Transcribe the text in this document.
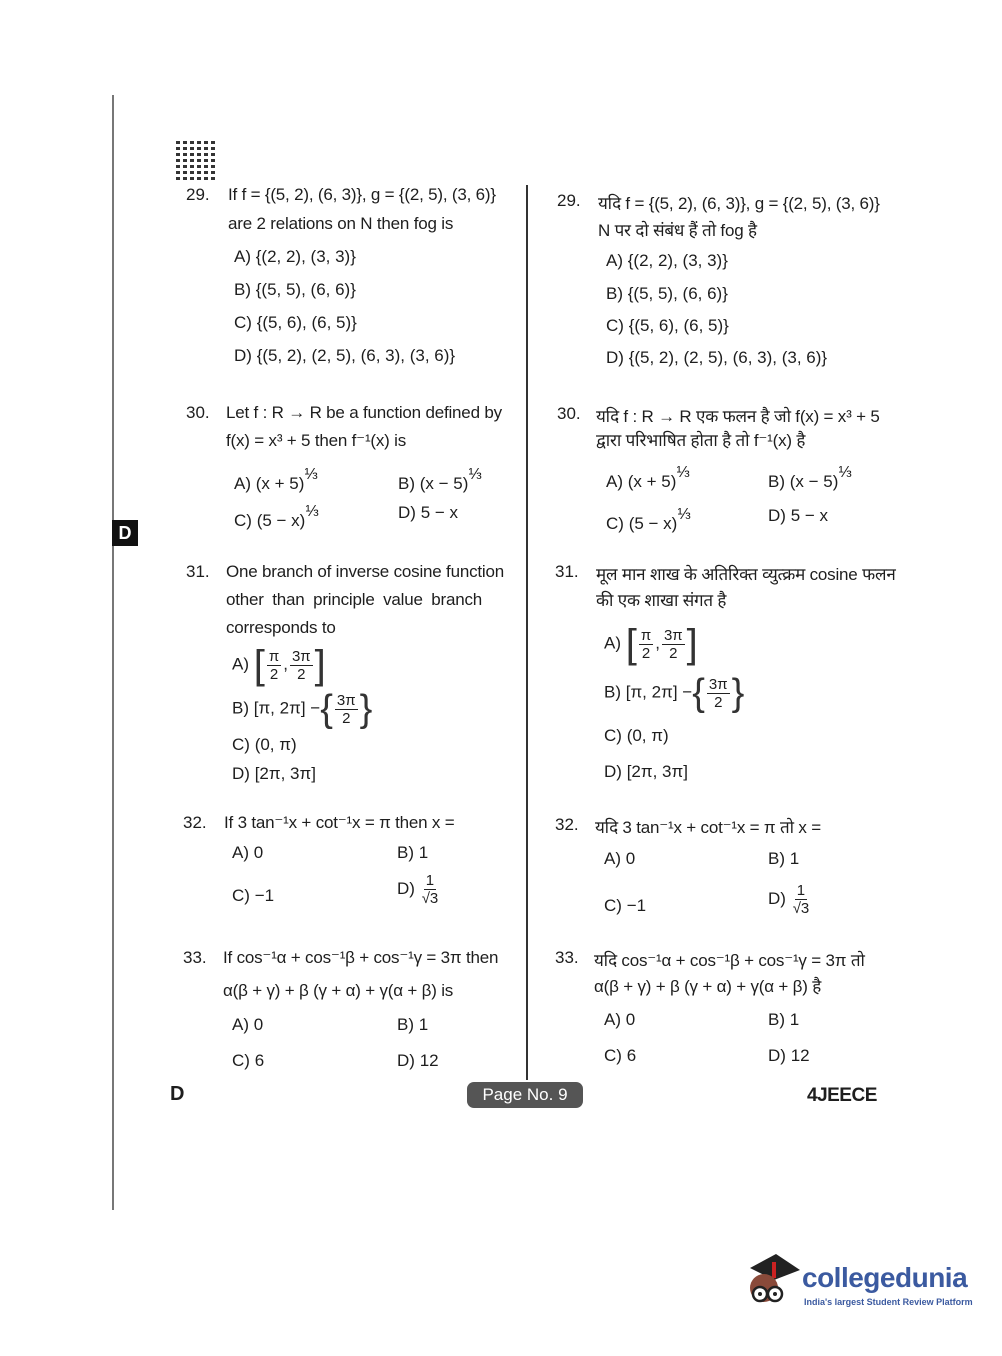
D
29. If f = {(5, 2), (6, 3)}, g = {(2, 5), (3, 6)}
are 2 relations on N then fog is
A) {(2, 2), (3, 3)}
B) {(5, 5), (6, 6)}
C) {(5, 6), (6, 5)}
D) {(5, 2), (2, 5), (6, 3), (3, 6)}
30. Let f : R → R be a function defined by
f(x) = x³ + 5 then f⁻¹(x) is
A) (x + 5)⅓	B) (x − 5)⅓
C) (5 − x)⅓	D) 5 − x
31. One branch of inverse cosine function
other than principle value branch
corresponds to
A) [ $\frac{\pi}{2}$ , $\frac{3\pi}{2}$ ]
B) [π, 2π] −{ $\frac{3\pi}{2}$ }
C) (0, π)
D) [2π, 3π]
32. If 3 tan⁻¹x + cot⁻¹x = π then x =
A) 0	B) 1
C) −1	$D) \frac{1}{√3}$
33. If cos⁻¹α + cos⁻¹β + cos⁻¹γ = 3π then
α(β + γ) + β (γ + α) + γ(α + β) is
A) 0	B) 1
C) 6	D) 12
29. यदि f = {(5, 2), (6, 3)}, g = {(2, 5), (3, 6)}
N पर दो संबंध हैं तो fog है
A) {(2, 2), (3, 3)}
B) {(5, 5), (6, 6)}
C) {(5, 6), (6, 5)}
D) {(5, 2), (2, 5), (6, 3), (3, 6)}
30. यदि f : R → R एक फलन है जो f(x) = x³ + 5
द्वारा परिभाषित होता है तो f⁻¹(x) है
A) (x + 5)⅓	B) (x − 5)⅓
C) (5 − x)⅓	D) 5 − x
31. मूल मान शाख के अतिरिक्त व्युत्क्रम cosine फलन
की एक शाखा संगत है
A) [ $\frac{\pi}{2}$ , $\frac{3\pi}{2}$ ]
B) [π, 2π] −{ $\frac{3\pi}{2}$ }
C) (0, π)
D) [2π, 3π]
32. यदि 3 tan⁻¹x + cot⁻¹x = π तो x =
A) 0	B) 1
C) −1	$D) \frac{1}{√3}$
33. यदि cos⁻¹α + cos⁻¹β + cos⁻¹γ = 3π तो
α(β + γ) + β (γ + α) + γ(α + β) है
A) 0	B) 1
C) 6	D) 12
D	Page No. 9	4JEECE
collegedunia
India's largest Student Review Platform
